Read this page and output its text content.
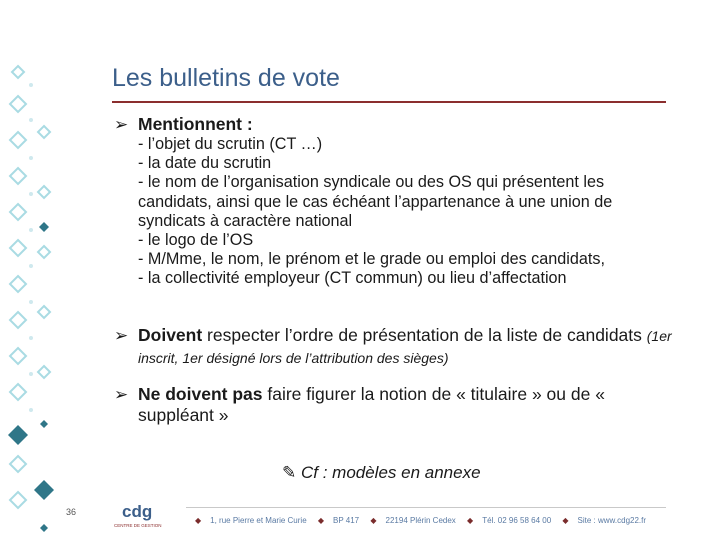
Les bulletins de vote
➢ Mentionnent :
- l’objet du scrutin (CT …)
- la date du scrutin
- le nom de l’organisation syndicale ou des OS qui présentent les candidats, ainsi que le cas échéant l’appartenance à une union de syndicats à caractère national
- le logo de l’OS
- M/Mme, le nom, le prénom et le grade ou emploi des candidats,
- la collectivité employeur (CT commun) ou lieu d’affectation
➢ Doivent respecter l’ordre de présentation de la liste de candidats (1er inscrit, 1er désigné lors de l’attribution des sièges)
➢ Ne doivent pas faire figurer la notion de « titulaire » ou de « suppléant »
✎ Cf : modèles en annexe
36	cdg
CENTRE DE GESTION
◆ 1, rue Pierre et Marie Curie ◆ BP 417 ◆ 22194 Plérin Cedex ◆ Tél. 02 96 58 64 00 ◆ Site : www.cdg22.fr
